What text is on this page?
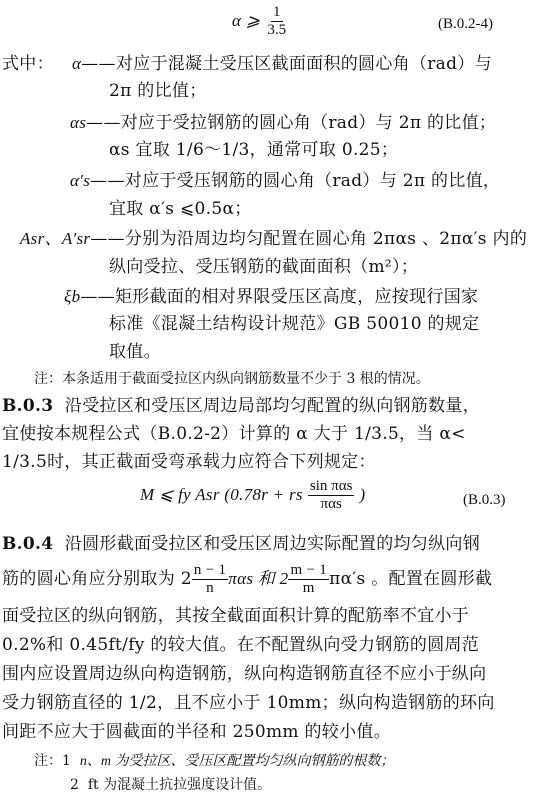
α ⩾ $\frac{1}{3.5}$	(B.0.2-4)
式中： α——对应于混凝土受压区截面面积的圆心角（rad）与
2π 的比值；
αs——对应于受拉钢筋的圆心角（rad）与 2π 的比值；
αs 宜取 1/6～1/3，通常可取 0.25；
α′s——对应于受压钢筋的圆心角（rad）与 2π 的比值，
宜取 α′s ⩽0.5α；
Asr、A′sr——分别为沿周边均匀配置在圆心角 2παs 、2πα′s 内的
纵向受拉、受压钢筋的截面面积（m²）；
ξb——矩形截面的相对界限受压区高度，应按现行国家
标准《混凝土结构设计规范》GB 50010 的规定
取值。
注：本条适用于截面受拉区内纵向钢筋数量不少于 3 根的情况。
B.0.3 沿受拉区和受压区周边局部均匀配置的纵向钢筋数量，
宜使按本规程公式（B.0.2-2）计算的 α 大于 1/3.5，当 α<
1/3.5时，其正截面受弯承载力应符合下列规定：
M ⩽ fy Asr (0.78r + rs $\frac{\text{sin παs}}{\text{παs}}$ )	(B.0.3)
B.0.4 沿圆形截面受拉区和受压区周边实际配置的均匀纵向钢
筋的圆心角应分别取为 $2 \frac{n - 1}{n}$ παs 和 $2 \frac{m - 1}{m} \pi\alpha's$ 。配置在圆形截
面受拉区的纵向钢筋，其按全截面面积计算的配筋率不宜小于
0.2%和 0.45ft/fy 的较大值。在不配置纵向受力钢筋的圆周范
围内应设置周边纵向构造钢筋，纵向构造钢筋直径不应小于纵向
受力钢筋直径的 1/2，且不应小于 10mm；纵向构造钢筋的环向
间距不应大于圆截面的半径和 250mm 的较小值。
注：1 n、m 为受拉区、受压区配置均匀纵向钢筋的根数；
2 ft 为混凝土抗拉强度设计值。
